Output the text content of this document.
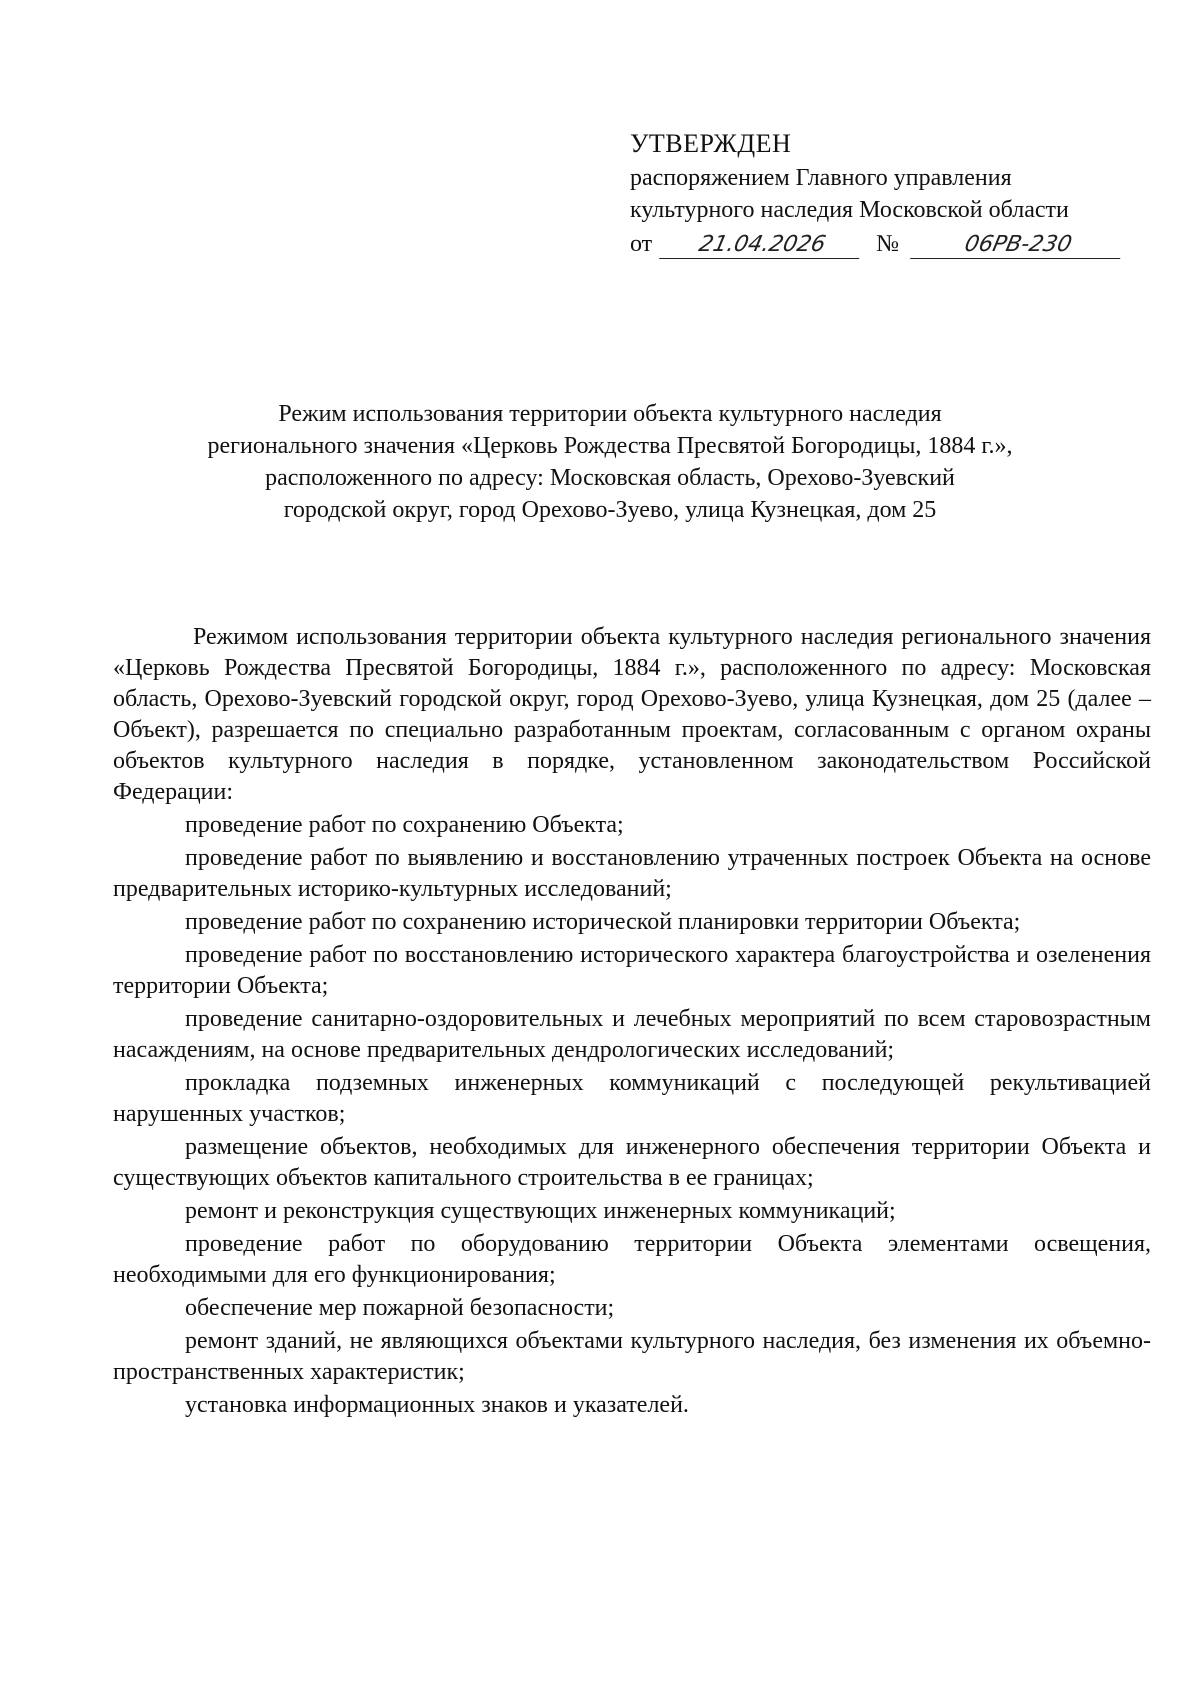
УТВЕРЖДЕН
распоряжением Главного управления
культурного наследия Московской области
от 21.04.2026 №	06РВ-230

Режим использования территории объекта культурного наследия

регионального значения «Церковь Рождества Пресвятой Богородицы, 1884 г.»,

расположенного по адресу: Московская область, Орехово-Зуевский

городской округ, город Орехово-Зуево, улица Кузнецкая, дом 25

Режимом использования территории объекта культурного наследия регионального значения «Церковь Рождества Пресвятой Богородицы, 1884 г.», расположенного по адресу: Московская область, Орехово-Зуевский городской округ, город Орехово-Зуево, улица Кузнецкая, дом 25 (далее – Объект), разрешается по специально разработанным проектам, согласованным с органом охраны объектов культурного наследия в порядке, установленном законодательством Российской Федерации:

проведение работ по сохранению Объекта;

проведение работ по выявлению и восстановлению утраченных построек Объекта на основе предварительных историко-культурных исследований;

проведение работ по сохранению исторической планировки территории Объекта;

проведение работ по восстановлению исторического характера благоустройства и озеленения территории Объекта;

проведение санитарно-оздоровительных и лечебных мероприятий по всем старовозрастным насаждениям, на основе предварительных дендрологических исследований;

прокладка подземных инженерных коммуникаций с последующей рекультивацией нарушенных участков;

размещение объектов, необходимых для инженерного обеспечения территории Объекта и существующих объектов капитального строительства в ее границах;

ремонт и реконструкция существующих инженерных коммуникаций;

проведение работ по оборудованию территории Объекта элементами освещения, необходимыми для его функционирования;

обеспечение мер пожарной безопасности;

ремонт зданий, не являющихся объектами культурного наследия, без изменения их объемно-пространственных характеристик;

установка информационных знаков и указателей.
